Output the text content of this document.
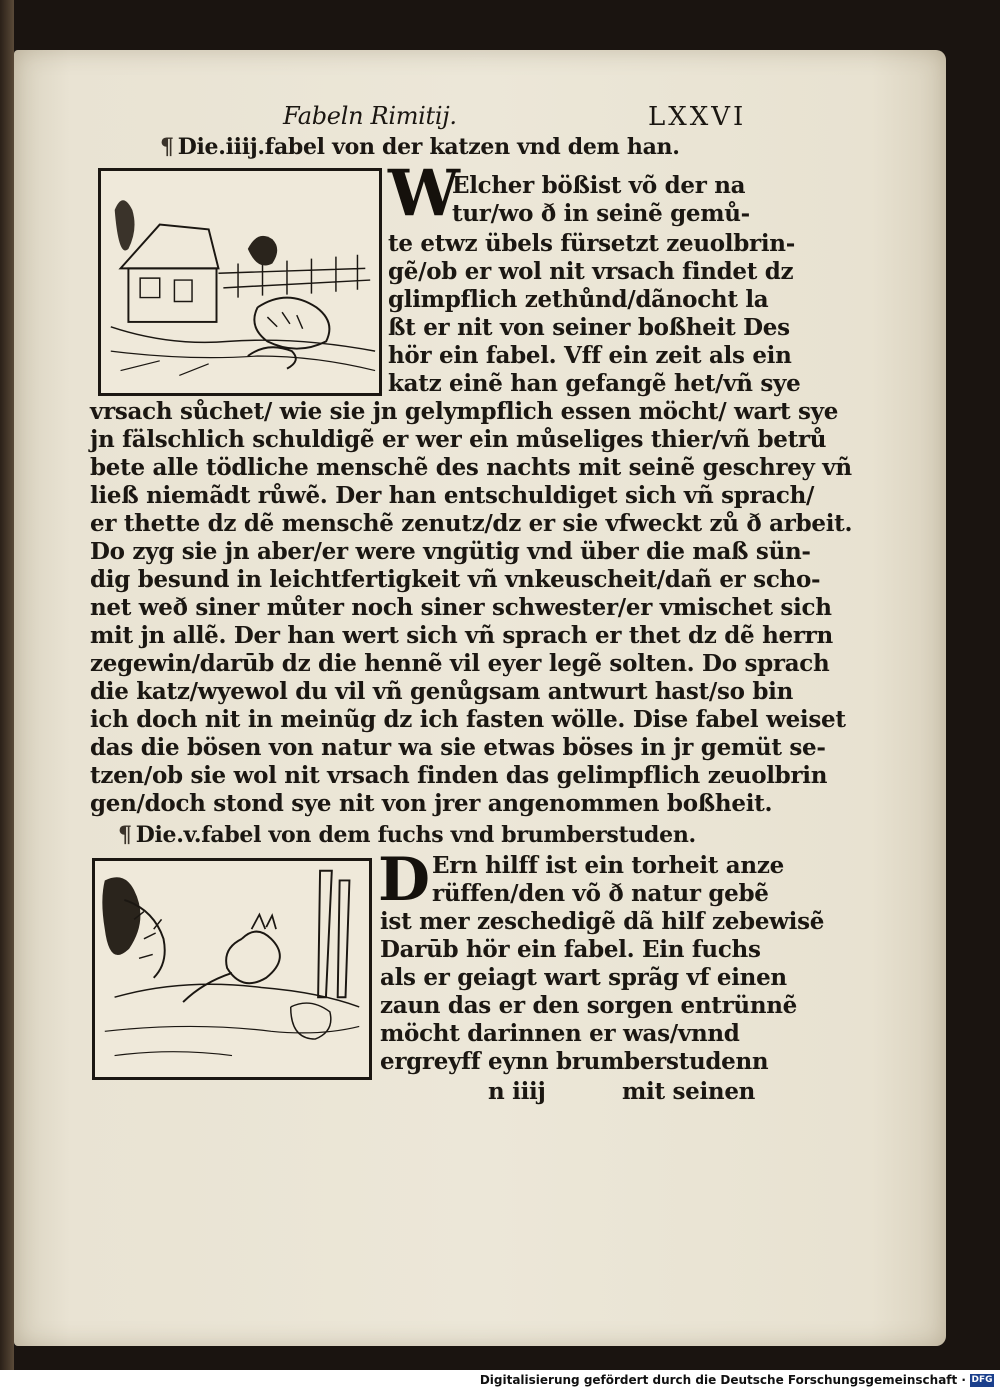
Fabeln Rimitij.	LXXVI
¶ Die.iiij.fabel von der katzen vnd dem han.
W
Elcher bößist võ der na
tur/wo ð in seinẽ gemů-
te etwz übels fürsetzt zeuolbrin-
gẽ/ob er wol nit vrsach findet dz
glimpflich zethůnd/dãnocht la
ßt er nit von seiner boßheit Des
hör ein fabel. Vff ein zeit als ein
katz einẽ han gefangẽ het/vñ sye
vrsach sůchet/ wie sie jn gelympflich essen möcht/ wart sye
jn fälschlich schuldigẽ er wer ein můseliges thier/vñ betrů
bete alle tödliche menschẽ des nachts mit seinẽ geschrey vñ
ließ niemãdt růwẽ. Der han entschuldiget sich vñ sprach/
er thette dz dẽ menschẽ zenutz/dz er sie vfweckt zů ð arbeit.
Do zyg sie jn aber/er were vngütig vnd über die maß sün-
dig besund in leichtfertigkeit vñ vnkeuscheit/dañ er scho-
net weð siner můter noch siner schwester/er vmischet sich
mit jn allẽ. Der han wert sich vñ sprach er thet dz dẽ herrn
zegewin/darūb dz die hennẽ vil eyer legẽ solten. Do sprach
die katz/wyewol du vil vñ genůgsam antwurt hast/so bin
ich doch nit in meinũg dz ich fasten wölle. Dise fabel weiset
das die bösen von natur wa sie etwas böses in jr gemüt se-
tzen/ob sie wol nit vrsach finden das gelimpflich zeuolbrin
gen/doch stond sye nit von jrer angenommen boßheit.
¶ Die.v.fabel von dem fuchs vnd brumberstuden.
D Ern hilff ist ein torheit anze
rüffen/den võ ð natur gebẽ
ist mer zeschedigẽ dã hilf zebewisẽ
Darūb hör ein fabel. Ein fuchs
als er geiagt wart sprãg vf einen
zaun das er den sorgen entrünnẽ
möcht darinnen er was/vnnd
ergreyff eynn brumberstudenn
n iiij	mit seinen
Digitalisierung gefördert durch die Deutsche Forschungsgemeinschaft · DFG
